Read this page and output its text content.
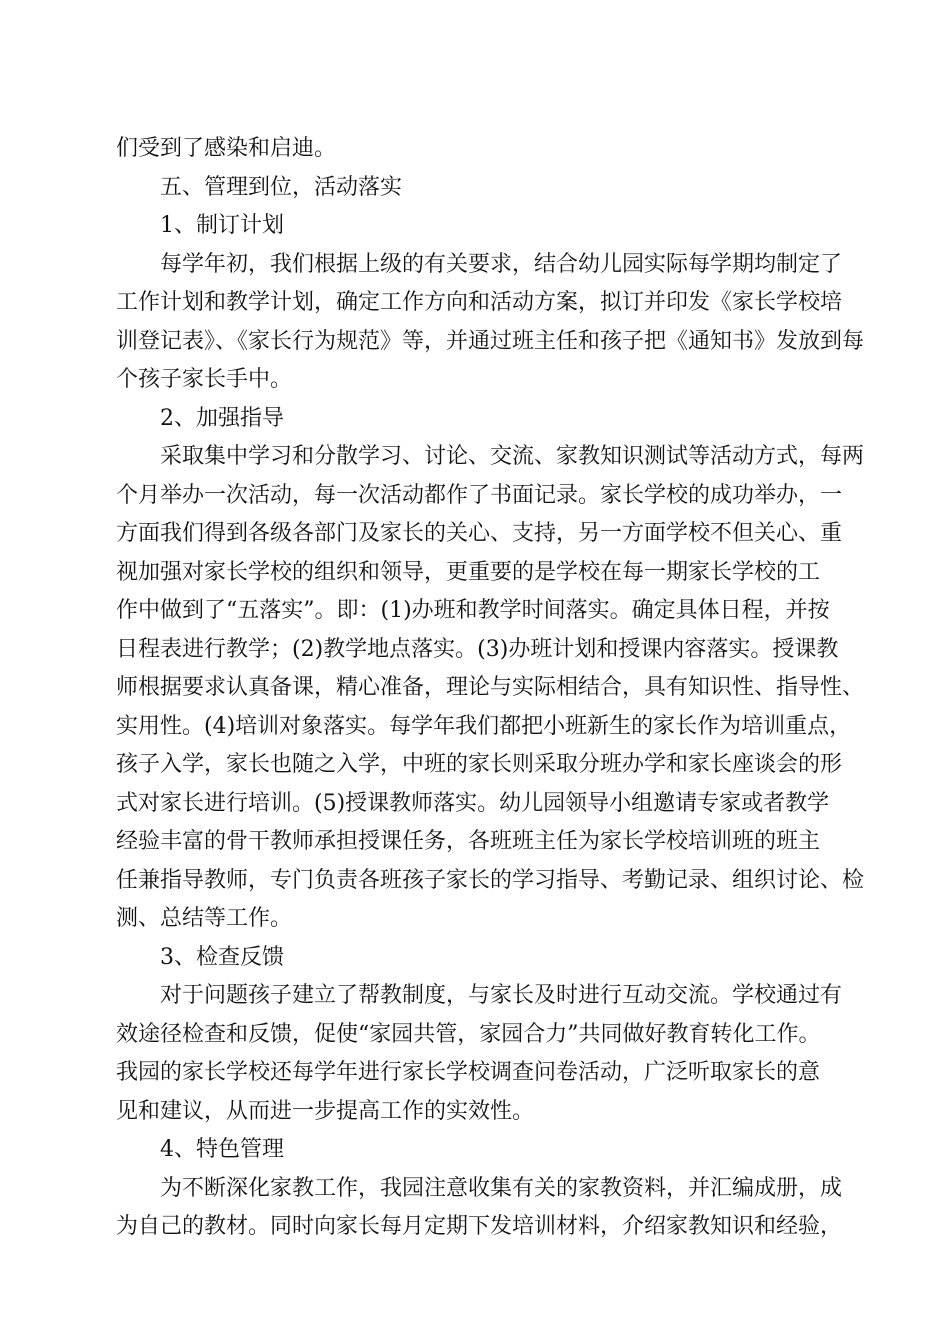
们受到了感染和启迪。
五、管理到位，活动落实
1、制订计划
每学年初，我们根据上级的有关要求，结合幼儿园实际每学期均制定了
工作计划和教学计划，确定工作方向和活动方案，拟订并印发《家长学校培
训登记表》、《家长行为规范》等，并通过班主任和孩子把《通知书》发放到每
个孩子家长手中。
2、加强指导
采取集中学习和分散学习、讨论、交流、家教知识测试等活动方式，每两
个月举办一次活动，每一次活动都作了书面记录。家长学校的成功举办，一
方面我们得到各级各部门及家长的关心、支持，另一方面学校不但关心、重
视加强对家长学校的组织和领导，更重要的是学校在每一期家长学校的工
作中做到了“五落实”。即：(1)办班和教学时间落实。确定具体日程，并按
日程表进行教学；(2)教学地点落实。(3)办班计划和授课内容落实。授课教
师根据要求认真备课，精心准备，理论与实际相结合，具有知识性、指导性、
实用性。(4)培训对象落实。每学年我们都把小班新生的家长作为培训重点，
孩子入学，家长也随之入学，中班的家长则采取分班办学和家长座谈会的形
式对家长进行培训。(5)授课教师落实。幼儿园领导小组邀请专家或者教学
经验丰富的骨干教师承担授课任务，各班班主任为家长学校培训班的班主
任兼指导教师，专门负责各班孩子家长的学习指导、考勤记录、组织讨论、检
测、总结等工作。
3、检查反馈
对于问题孩子建立了帮教制度，与家长及时进行互动交流。学校通过有
效途径检查和反馈，促使“家园共管，家园合力”共同做好教育转化工作。
我园的家长学校还每学年进行家长学校调查问卷活动，广泛听取家长的意
见和建议，从而进一步提高工作的实效性。
4、特色管理
为不断深化家教工作，我园注意收集有关的家教资料，并汇编成册，成
为自己的教材。同时向家长每月定期下发培训材料，介绍家教知识和经验，
